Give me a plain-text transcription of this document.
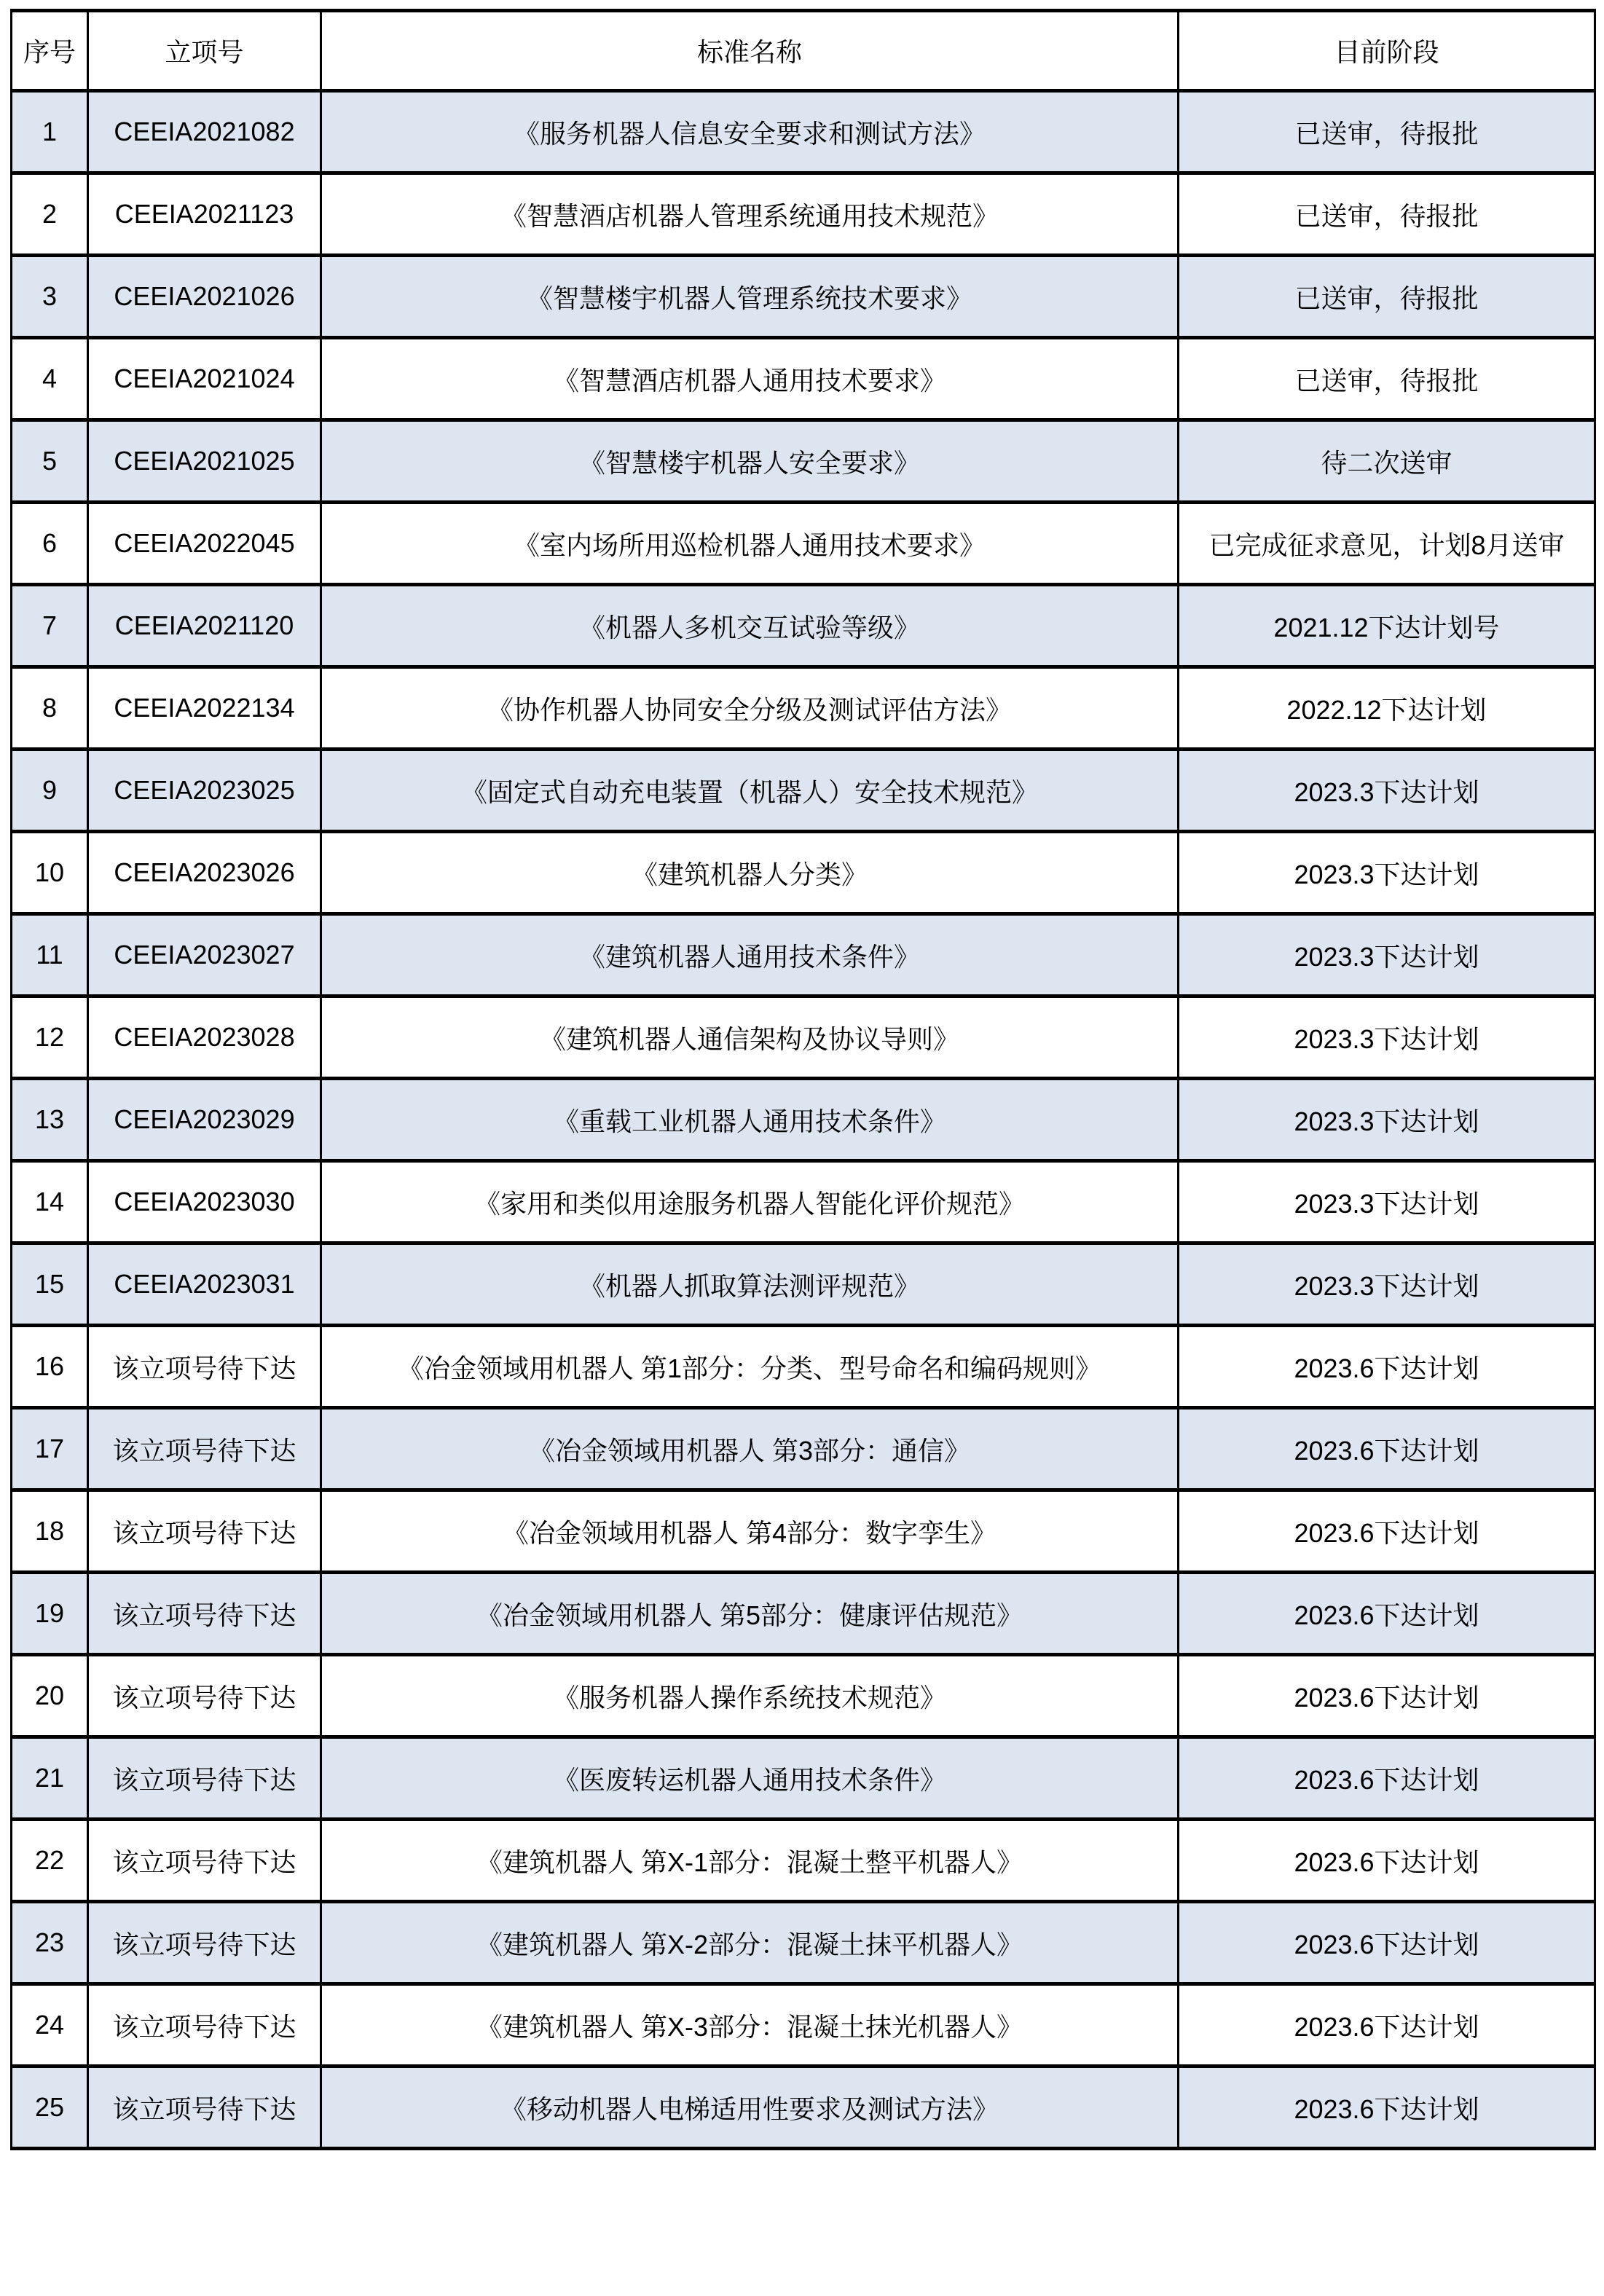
序号	立项号	标准名称	目前阶段
1	CEEIA2021082	《服务机器人信息安全要求和测试方法》	已送审，待报批
2	CEEIA2021123	《智慧酒店机器人管理系统通用技术规范》	已送审，待报批
3	CEEIA2021026	《智慧楼宇机器人管理系统技术要求》	已送审，待报批
4	CEEIA2021024	《智慧酒店机器人通用技术要求》	已送审，待报批
5	CEEIA2021025	《智慧楼宇机器人安全要求》	待二次送审
6	CEEIA2022045	《室内场所用巡检机器人通用技术要求》	已完成征求意见，计划8月送审
7	CEEIA2021120	《机器人多机交互试验等级》	2021.12下达计划号
8	CEEIA2022134	《协作机器人协同安全分级及测试评估方法》	2022.12下达计划
9	CEEIA2023025	《固定式自动充电装置（机器人）安全技术规范》	2023.3下达计划
10	CEEIA2023026	《建筑机器人分类》	2023.3下达计划
11	CEEIA2023027	《建筑机器人通用技术条件》	2023.3下达计划
12	CEEIA2023028	《建筑机器人通信架构及协议导则》	2023.3下达计划
13	CEEIA2023029	《重载工业机器人通用技术条件》	2023.3下达计划
14	CEEIA2023030	《家用和类似用途服务机器人智能化评价规范》	2023.3下达计划
15	CEEIA2023031	《机器人抓取算法测评规范》	2023.3下达计划
16	该立项号待下达	《冶金领域用机器人 第1部分：分类、型号命名和编码规则》	2023.6下达计划
17	该立项号待下达	《冶金领域用机器人 第3部分：通信》	2023.6下达计划
18	该立项号待下达	《冶金领域用机器人 第4部分：数字孪生》	2023.6下达计划
19	该立项号待下达	《冶金领域用机器人 第5部分：健康评估规范》	2023.6下达计划
20	该立项号待下达	《服务机器人操作系统技术规范》	2023.6下达计划
21	该立项号待下达	《医废转运机器人通用技术条件》	2023.6下达计划
22	该立项号待下达	《建筑机器人 第X-1部分：混凝土整平机器人》	2023.6下达计划
23	该立项号待下达	《建筑机器人 第X-2部分：混凝土抹平机器人》	2023.6下达计划
24	该立项号待下达	《建筑机器人 第X-3部分：混凝土抹光机器人》	2023.6下达计划
25	该立项号待下达	《移动机器人电梯适用性要求及测试方法》	2023.6下达计划
